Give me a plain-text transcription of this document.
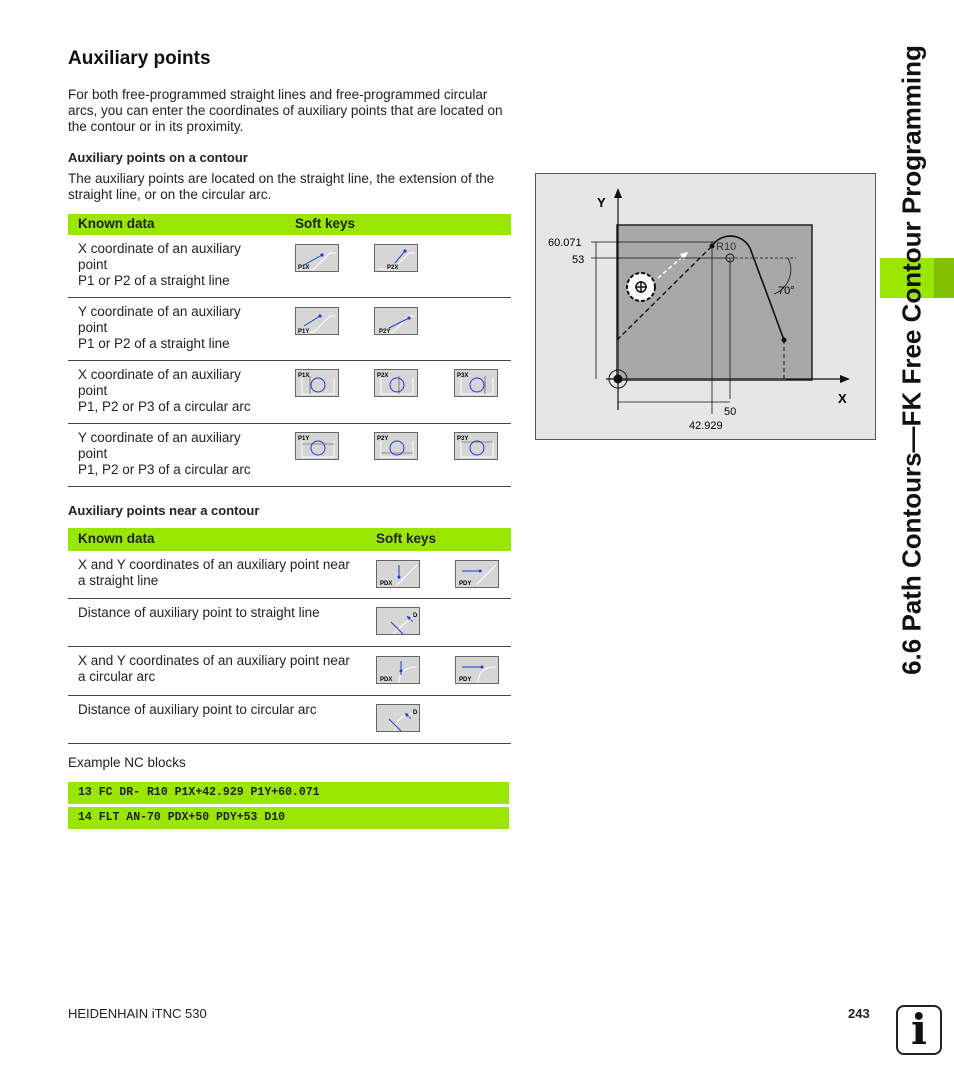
Auxiliary points

For both free-programmed straight lines and free-programmed circular arcs, you can enter the coordinates of auxiliary points that are located on the contour or in its proximity.

Auxiliary points on a contour

The auxiliary points are located on the straight line, the extension of the straight line, or on the circular arc.

Known data	Soft keys
X coordinate of an auxiliary
point
P1 or P2 of a straight line
P1X	P2X
Y coordinate of an auxiliary
point
P1 or P2 of a straight line
P1Y	P2Y
X coordinate of an auxiliary
point
P1, P2 or P3 of a circular arc
P1X	P2X	P3X
Y coordinate of an auxiliary
point
P1, P2 or P3 of a circular arc
P1Y	P2Y	P3Y

Auxiliary points near a contour

Known data	Soft keys
X and Y coordinates of an auxiliary point near
a straight line	PDX	PDY
Distance of auxiliary point to straight line	D
X and Y coordinates of an auxiliary point near
a circular arc	PDX	PDY
Distance of auxiliary point to circular arc	D

Example NC blocks

13 FC DR- R10 P1X+42.929 P1Y+60.071
14 FLT AN-70 PDX+50 PDY+53 D10
Y
X
60.071
53
R10
70°
50
42.929	6.6 Path Contours—FK Free Contour Programming
HEIDENHAIN iTNC 530	243 i
